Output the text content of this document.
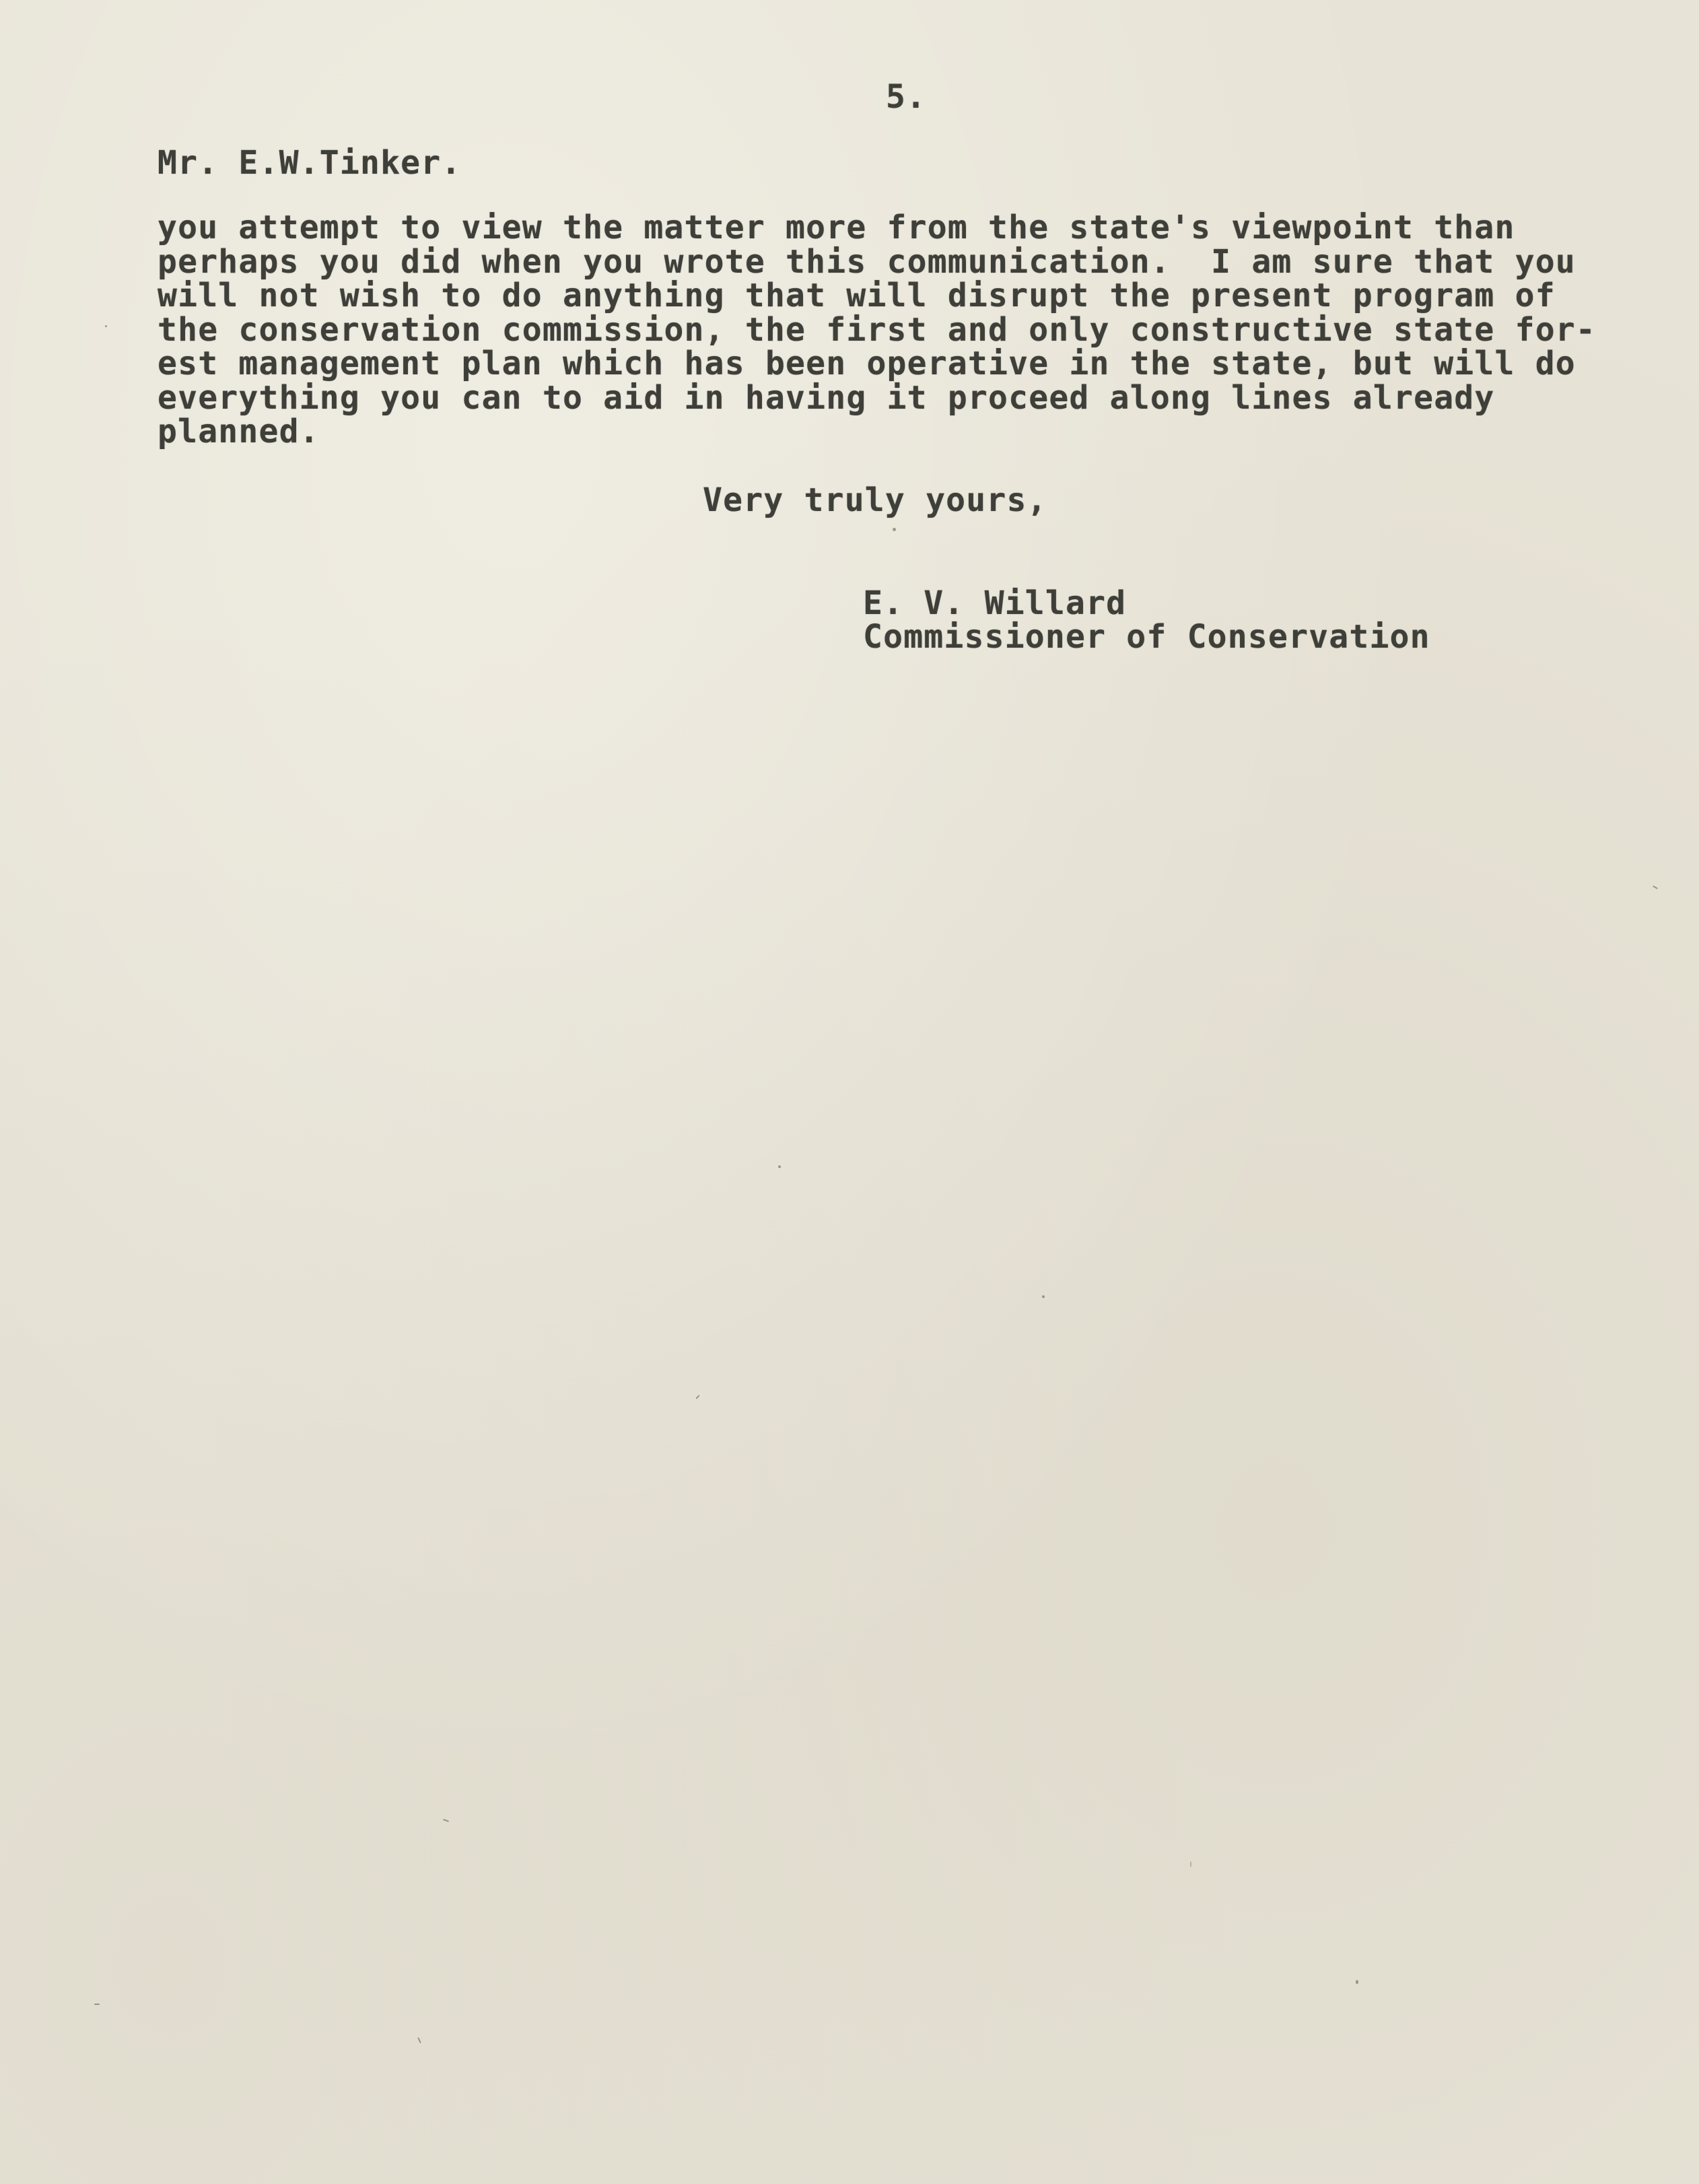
5.
Mr. E.W.Tinker.
you attempt to view the matter more from the state's viewpoint than
perhaps you did when you wrote this communication.  I am sure that you
will not wish to do anything that will disrupt the present program of
the conservation commission, the first and only constructive state for-
est management plan which has been operative in the state, but will do
everything you can to aid in having it proceed along lines already
planned.
Very truly yours,
E. V. Willard
Commissioner of Conservation
